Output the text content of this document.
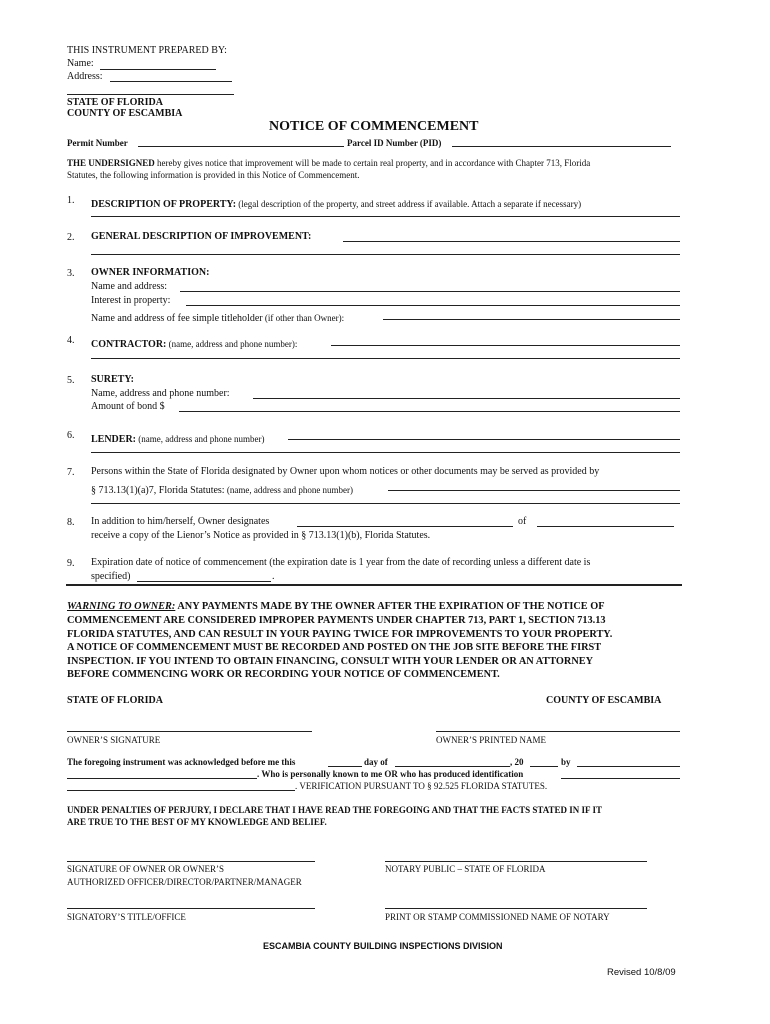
THIS INSTRUMENT PREPARED BY:
Name:
Address:
STATE OF FLORIDA
COUNTY OF ESCAMBIA
NOTICE OF COMMENCEMENT
Permit Number	Parcel ID Number (PID)
THE UNDERSIGNED hereby gives notice that improvement will be made to certain real property, and in accordance with Chapter 713, Florida
Statutes, the following information is provided in this Notice of Commencement.
1. DESCRIPTION OF PROPERTY: (legal description of the property, and street address if available. Attach a separate if necessary)
2. GENERAL DESCRIPTION OF IMPROVEMENT:
3. OWNER INFORMATION:
Name and address:
Interest in property:
Name and address of fee simple titleholder (if other than Owner):
4. CONTRACTOR: (name, address and phone number):
5. SURETY:
Name, address and phone number:
Amount of bond $
6. LENDER: (name, address and phone number)
7. Persons within the State of Florida designated by Owner upon whom notices or other documents may be served as provided by
§ 713.13(1)(a)7, Florida Statutes: (name, address and phone number)
8. In addition to him/herself, Owner designates	of
receive a copy of the Lienor’s Notice as provided in § 713.13(1)(b), Florida Statutes.
9. Expiration date of notice of commencement (the expiration date is 1 year from the date of recording unless a different date is
specified)	.
WARNING TO OWNER: ANY PAYMENTS MADE BY THE OWNER AFTER THE EXPIRATION OF THE NOTICE OF
COMMENCEMENT ARE CONSIDERED IMPROPER PAYMENTS UNDER CHAPTER 713, PART 1, SECTION 713.13
FLORIDA STATUTES, AND CAN RESULT IN YOUR PAYING TWICE FOR IMPROVEMENTS TO YOUR PROPERTY.
A NOTICE OF COMMENCEMENT MUST BE RECORDED AND POSTED ON THE JOB SITE BEFORE THE FIRST
INSPECTION. IF YOU INTEND TO OBTAIN FINANCING, CONSULT WITH YOUR LENDER OR AN ATTORNEY
BEFORE COMMENCING WORK OR RECORDING YOUR NOTICE OF COMMENCEMENT.
STATE OF FLORIDA	COUNTY OF ESCAMBIA
OWNER’S SIGNATURE	OWNER’S PRINTED NAME
The foregoing instrument was acknowledged before me this	day of	, 20	by
. Who is personally known to me OR who has produced identification
. VERIFICATION PURSUANT TO § 92.525 FLORIDA STATUTES.
UNDER PENALTIES OF PERJURY, I DECLARE THAT I HAVE READ THE FOREGOING AND THAT THE FACTS STATED IN IF IT
ARE TRUE TO THE BEST OF MY KNOWLEDGE AND BELIEF.
SIGNATURE OF OWNER OR OWNER’S
AUTHORIZED OFFICER/DIRECTOR/PARTNER/MANAGER
NOTARY PUBLIC – STATE OF FLORIDA
SIGNATORY’S TITLE/OFFICE	PRINT OR STAMP COMMISSIONED NAME OF NOTARY
ESCAMBIA COUNTY BUILDING INSPECTIONS DIVISION
Revised 10/8/09
